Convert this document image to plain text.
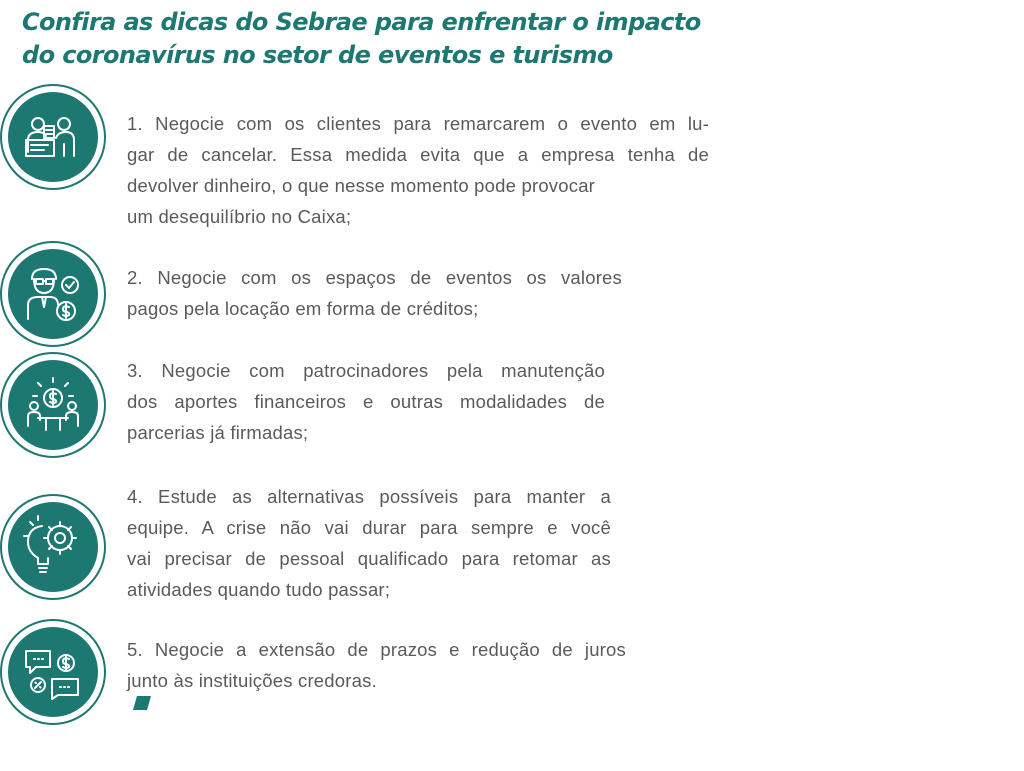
Confira as dicas do Sebrae para enfrentar o impacto
do coronavírus no setor de eventos e turismo

1. Negocie com os clientes para remarcarem o evento em lu-
gar de cancelar. Essa medida evita que a empresa tenha de
devolver dinheiro, o que nesse momento pode provocar
um desequilíbrio no Caixa;

2. Negocie com os espaços de eventos os valores
pagos pela locação em forma de créditos;

3. Negocie com patrocinadores pela manutenção
dos aportes financeiros e outras modalidades de
parcerias já firmadas;

4. Estude as alternativas possíveis para manter a
equipe. A crise não vai durar para sempre e você
vai precisar de pessoal qualificado para retomar as
atividades quando tudo passar;

5. Negocie a extensão de prazos e redução de juros
junto às instituições credoras.
